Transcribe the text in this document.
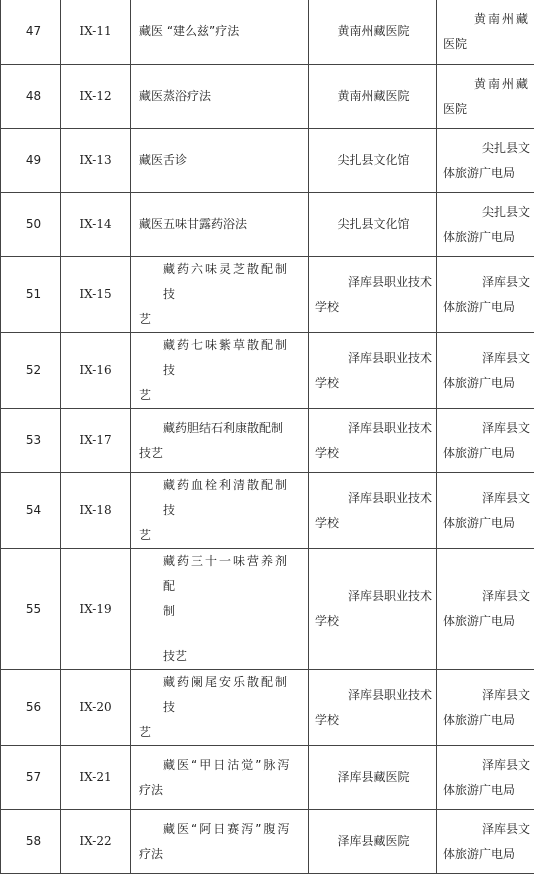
47	IX-11	藏医 “建么兹”疗法	黄南州藏医院	黄南州藏
医院

48	IX-12	藏医蒸浴疗法	黄南州藏医院	黄南州藏
医院

49	IX-13	藏医舌诊	尖扎县文化馆	尖扎县文
体旅游广电局

50	IX-14	藏医五味甘露药浴法	尖扎县文化馆	尖扎县文
体旅游广电局

51	IX-15	藏药六味灵芝散配制技
艺	泽库县职业技术
学校	泽库县文
体旅游广电局

52	IX-16	藏药七味紫草散配制技
艺	泽库县职业技术
学校	泽库县文
体旅游广电局

53	IX-17	藏药胆结石利康散配制
技艺	泽库县职业技术
学校	泽库县文
体旅游广电局

54	IX-18	藏药血栓利清散配制技
艺	泽库县职业技术
学校	泽库县文
体旅游广电局

55	IX-19	藏药三十一味营养剂配
制
技艺	泽库县职业技术
学校	泽库县文
体旅游广电局

56	IX-20	藏药阑尾安乐散配制技
艺	泽库县职业技术
学校	泽库县文
体旅游广电局

57	IX-21	藏医“甲日沽觉”脉泻
疗法	泽库县藏医院	泽库县文
体旅游广电局

58	IX-22	藏医“阿日赛泻”腹泻
疗法	泽库县藏医院	泽库县文
体旅游广电局
